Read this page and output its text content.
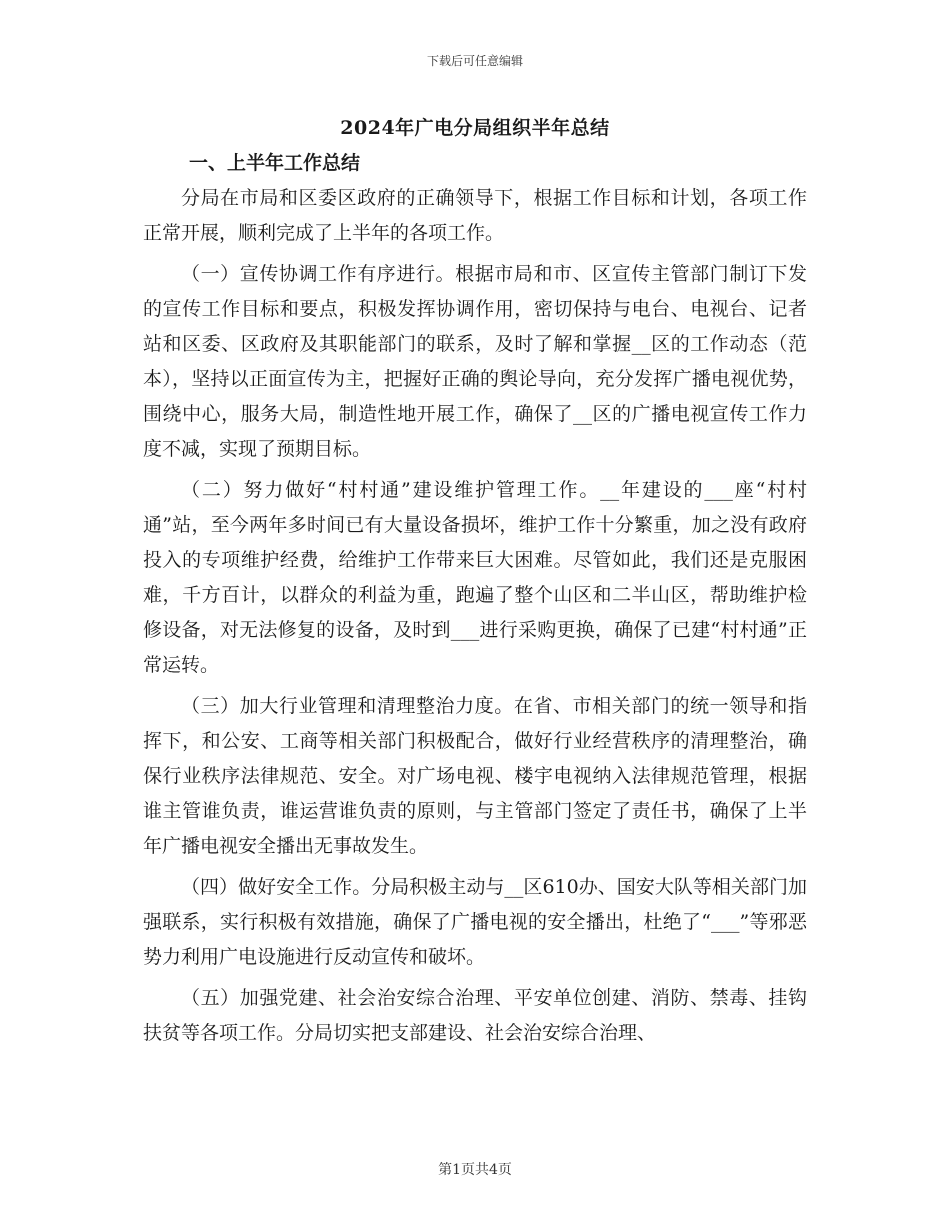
下载后可任意编辑
2024年广电分局组织半年总结

一、上半年工作总结

分局在市局和区委区政府的正确领导下，根据工作目标和计划，各项工作正常开展，顺利完成了上半年的各项工作。

（一）宣传协调工作有序进行。根据市局和市、区宣传主管部门制订下发的宣传工作目标和要点，积极发挥协调作用，密切保持与电台、电视台、记者站和区委、区政府及其职能部门的联系，及时了解和掌握__区的工作动态（范本），坚持以正面宣传为主，把握好正确的舆论导向，充分发挥广播电视优势，围绕中心，服务大局，制造性地开展工作，确保了__区的广播电视宣传工作力度不减，实现了预期目标。

（二）努力做好“村村通”建设维护管理工作。__年建设的___座“村村通”站，至今两年多时间已有大量设备损坏，维护工作十分繁重，加之没有政府投入的专项维护经费，给维护工作带来巨大困难。尽管如此，我们还是克服困难，千方百计，以群众的利益为重，跑遍了整个山区和二半山区，帮助维护检修设备，对无法修复的设备，及时到___进行采购更换，确保了已建“村村通”正常运转。

（三）加大行业管理和清理整治力度。在省、市相关部门的统一领导和指挥下，和公安、工商等相关部门积极配合，做好行业经营秩序的清理整治，确保行业秩序法律规范、安全。对广场电视、楼宇电视纳入法律规范管理，根据谁主管谁负责，谁运营谁负责的原则，与主管部门签定了责任书，确保了上半年广播电视安全播出无事故发生。

（四）做好安全工作。分局积极主动与__区610办、国安大队等相关部门加强联系，实行积极有效措施，确保了广播电视的安全播出，杜绝了“___”等邪恶势力利用广电设施进行反动宣传和破坏。

（五）加强党建、社会治安综合治理、平安单位创建、消防、禁毒、挂钩扶贫等各项工作。分局切实把支部建设、社会治安综合治理、

第1页共4页
